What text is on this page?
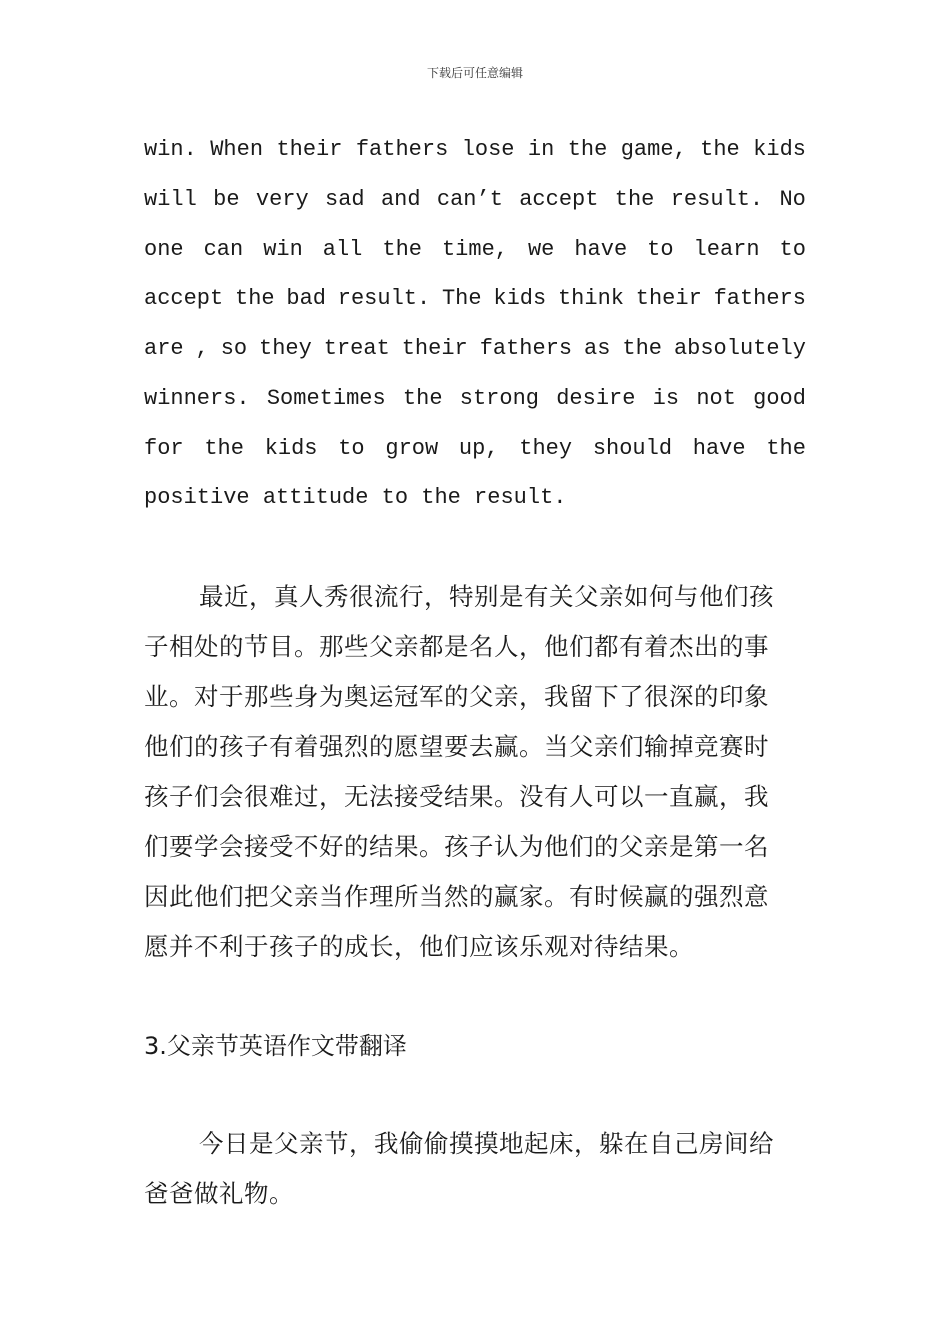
下载后可任意编辑
win. When their fathers lose in the game, the kids
will be very sad and can’t accept the result. No
one can win all the time, we have to learn to
accept the bad result. The kids think their fathers
are , so they treat their fathers as the absolutely
winners. Sometimes the strong desire is not good
for the kids to grow up, they should have the
positive attitude to the result.
最近，真人秀很流行，特别是有关父亲如何与他们孩
子相处的节目。那些父亲都是名人，他们都有着杰出的事
业。对于那些身为奥运冠军的父亲，我留下了很深的印象
他们的孩子有着强烈的愿望要去赢。当父亲们输掉竞赛时
孩子们会很难过，无法接受结果。没有人可以一直赢，我
们要学会接受不好的结果。孩子认为他们的父亲是第一名
因此他们把父亲当作理所当然的赢家。有时候赢的强烈意
愿并不利于孩子的成长，他们应该乐观对待结果。
3.父亲节英语作文带翻译
今日是父亲节，我偷偷摸摸地起床，躲在自己房间给
爸爸做礼物。
